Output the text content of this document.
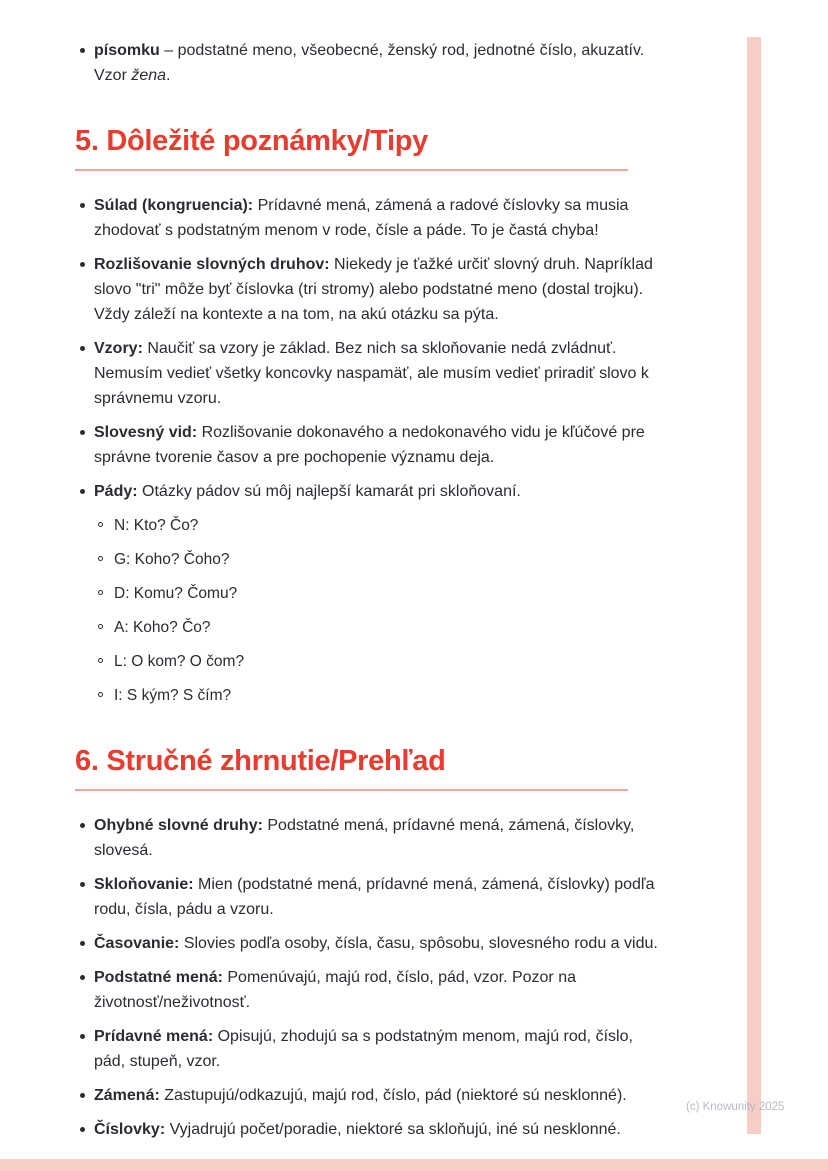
písomku – podstatné meno, všeobecné, ženský rod, jednotné číslo, akuzatív. Vzor žena.
5. Dôležité poznámky/Tipy
Súlad (kongruencia): Prídavné mená, zámená a radové číslovky sa musia zhodovať s podstatným menom v rode, čísle a páde. To je častá chyba!
Rozlišovanie slovných druhov: Niekedy je ťažké určiť slovný druh. Napríklad slovo "tri" môže byť číslovka (tri stromy) alebo podstatné meno (dostal trojku). Vždy záleží na kontexte a na tom, na akú otázku sa pýta.
Vzory: Naučiť sa vzory je základ. Bez nich sa skloňovanie nedá zvládnuť. Nemusím vedieť všetky koncovky naspamäť, ale musím vedieť priradiť slovo k správnemu vzoru.
Slovesný vid: Rozlišovanie dokonavého a nedokonavého vidu je kľúčové pre správne tvorenie časov a pre pochopenie významu deja.
Pády: Otázky pádov sú môj najlepší kamarát pri skloňovaní.
N: Kto? Čo?
G: Koho? Čoho?
D: Komu? Čomu?
A: Koho? Čo?
L: O kom? O čom?
I: S kým? S čím?
6. Stručné zhrnutie/Prehľad
Ohybné slovné druhy: Podstatné mená, prídavné mená, zámená, číslovky, slovesá.
Skloňovanie: Mien (podstatné mená, prídavné mená, zámená, číslovky) podľa rodu, čísla, pádu a vzoru.
Časovanie: Slovies podľa osoby, čísla, času, spôsobu, slovesného rodu a vidu.
Podstatné mená: Pomenúvajú, majú rod, číslo, pád, vzor. Pozor na životnosť/neživotnosť.
Prídavné mená: Opisujú, zhodujú sa s podstatným menom, majú rod, číslo, pád, stupeň, vzor.
Zámená: Zastupujú/odkazujú, majú rod, číslo, pád (niektoré sú nesklonné).
Číslovky: Vyjadrujú počet/poradie, niektoré sa skloňujú, iné sú nesklonné.
(c) Knowunity 2025
